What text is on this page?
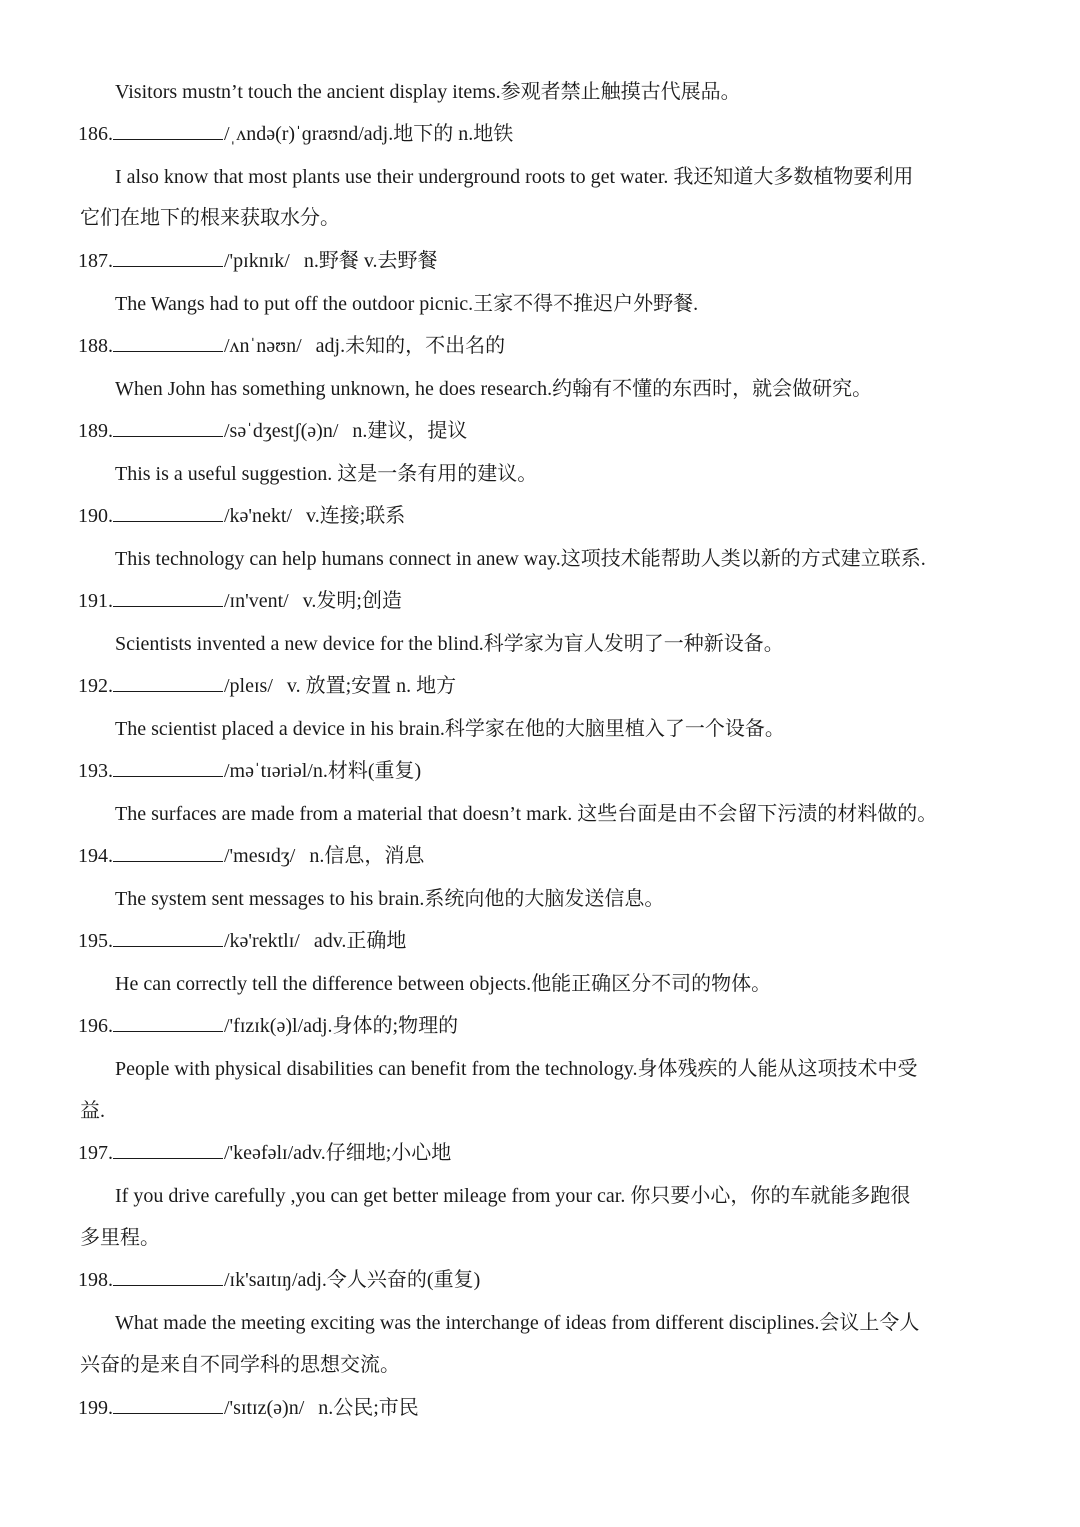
Visitors mustn’t touch the ancient display items.参观者禁止触摸古代展品。
186.	/ˌʌndə(r)ˈɡraʊnd/adj.地下的 n.地铁
I also know that most plants use their underground roots to get water. 我还知道大多数植物要利用
它们在地下的根来获取水分。
187.	/'pɪknɪk/ n.野餐 v.去野餐
The Wangs had to put off the outdoor picnic.王家不得不推迟户外野餐.
188.	/ʌnˈnəʊn/ adj.未知的，不出名的
When John has something unknown, he does research.约翰有不懂的东西时，就会做研究。
189.	/səˈdʒestʃ(ə)n/ n.建议，提议
This is a useful suggestion. 这是一条有用的建议。
190.	/kə'nekt/ v.连接;联系
This technology can help humans connect in anew way.这项技术能帮助人类以新的方式建立联系.
191.	/ɪn'vent/ v.发明;创造
Scientists invented a new device for the blind.科学家为盲人发明了一种新设备。
192.	/pleɪs/ v. 放置;安置 n. 地方
The scientist placed a device in his brain.科学家在他的大脑里植入了一个设备。
193.	/məˈtɪəriəl/n.材料(重复)
The surfaces are made from a material that doesn’t mark. 这些台面是由不会留下污渍的材料做的。
194.	/'mesɪdʒ/ n.信息，消息
The system sent messages to his brain.系统向他的大脑发送信息。
195.	/kə'rektlɪ/ adv.正确地
He can correctly tell the difference between objects.他能正确区分不司的物体。
196.	/'fɪzɪk(ə)l/adj.身体的;物理的
People with physical disabilities can benefit from the technology.身体残疾的人能从这项技术中受
益.
197.	/'keəfəlɪ/adv.仔细地;小心地
If you drive carefully ,you can get better mileage from your car. 你只要小心，你的车就能多跑很
多里程。
198.	/ɪk'saɪtɪŋ/adj.令人兴奋的(重复)
What made the meeting exciting was the interchange of ideas from different disciplines.会议上令人
兴奋的是来自不同学科的思想交流。
199.	/'sɪtɪz(ə)n/ n.公民;市民
